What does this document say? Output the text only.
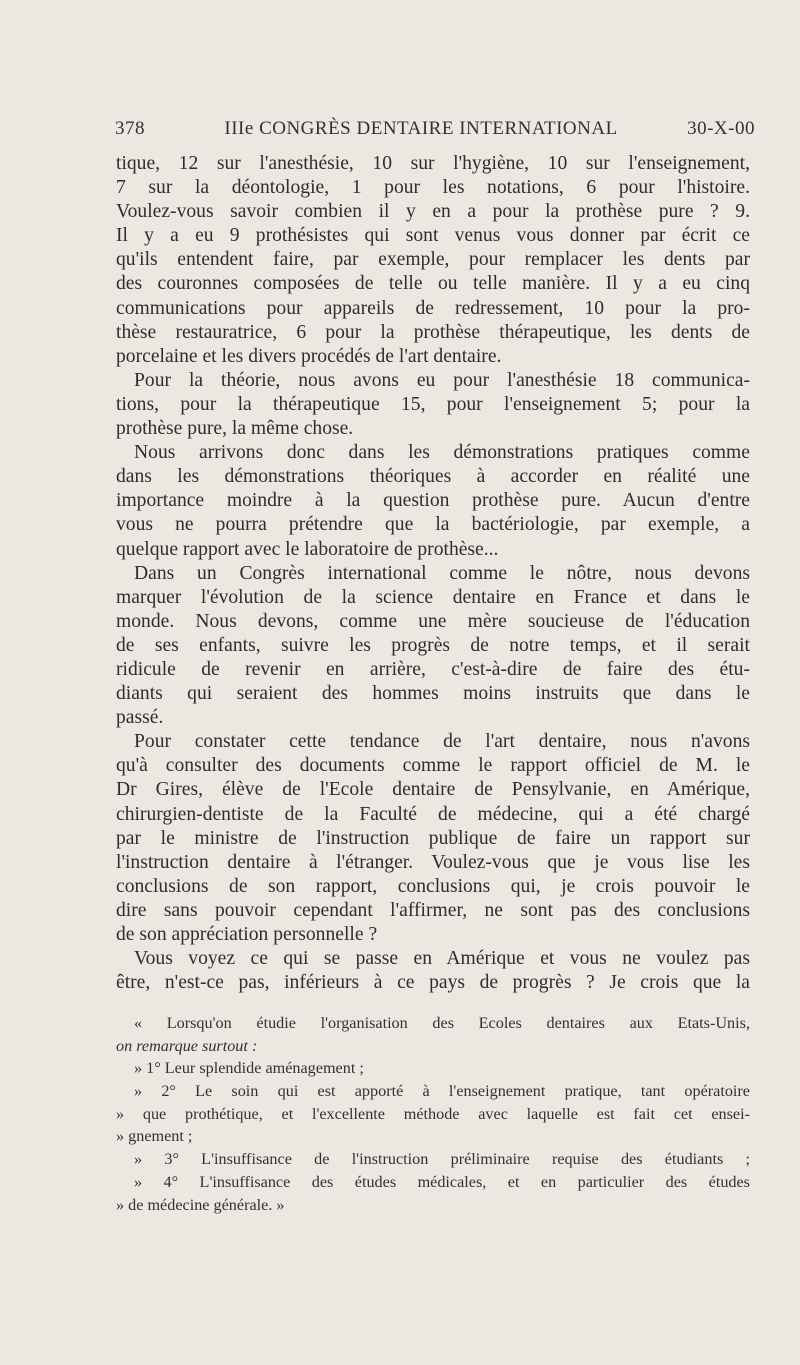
378	IIIe CONGRÈS DENTAIRE INTERNATIONAL	30-X-00
tique, 12 sur l'anesthésie, 10 sur l'hygiène, 10 sur l'enseignement,
7 sur la déontologie, 1 pour les notations, 6 pour l'histoire.
Voulez-vous savoir combien il y en a pour la prothèse pure ? 9.
Il y a eu 9 prothésistes qui sont venus vous donner par écrit ce
qu'ils entendent faire, par exemple, pour remplacer les dents par
des couronnes composées de telle ou telle manière. Il y a eu cinq
communications pour appareils de redressement, 10 pour la pro-
thèse restauratrice, 6 pour la prothèse thérapeutique, les dents de
porcelaine et les divers procédés de l'art dentaire.
Pour la théorie, nous avons eu pour l'anesthésie 18 communica-
tions, pour la thérapeutique 15, pour l'enseignement 5; pour la
prothèse pure, la même chose.
Nous arrivons donc dans les démonstrations pratiques comme
dans les démonstrations théoriques à accorder en réalité une
importance moindre à la question prothèse pure. Aucun d'entre
vous ne pourra prétendre que la bactériologie, par exemple, a
quelque rapport avec le laboratoire de prothèse...
Dans un Congrès international comme le nôtre, nous devons
marquer l'évolution de la science dentaire en France et dans le
monde. Nous devons, comme une mère soucieuse de l'éducation
de ses enfants, suivre les progrès de notre temps, et il serait
ridicule de revenir en arrière, c'est-à-dire de faire des étu-
diants qui seraient des hommes moins instruits que dans le
passé.
Pour constater cette tendance de l'art dentaire, nous n'avons
qu'à consulter des documents comme le rapport officiel de M. le
Dr Gires, élève de l'Ecole dentaire de Pensylvanie, en Amérique,
chirurgien-dentiste de la Faculté de médecine, qui a été chargé
par le ministre de l'instruction publique de faire un rapport sur
l'instruction dentaire à l'étranger. Voulez-vous que je vous lise les
conclusions de son rapport, conclusions qui, je crois pouvoir le
dire sans pouvoir cependant l'affirmer, ne sont pas des conclusions
de son appréciation personnelle ?
Vous voyez ce qui se passe en Amérique et vous ne voulez pas
être, n'est-ce pas, inférieurs à ce pays de progrès ? Je crois que la
« Lorsqu'on étudie l'organisation des Ecoles dentaires aux Etats-Unis,
on remarque surtout :
» 1° Leur splendide aménagement ;
» 2° Le soin qui est apporté à l'enseignement pratique, tant opératoire
» que prothétique, et l'excellente méthode avec laquelle est fait cet ensei-
» gnement ;
» 3° L'insuffisance de l'instruction préliminaire requise des étudiants ;
» 4° L'insuffisance des études médicales, et en particulier des études
» de médecine générale. »
